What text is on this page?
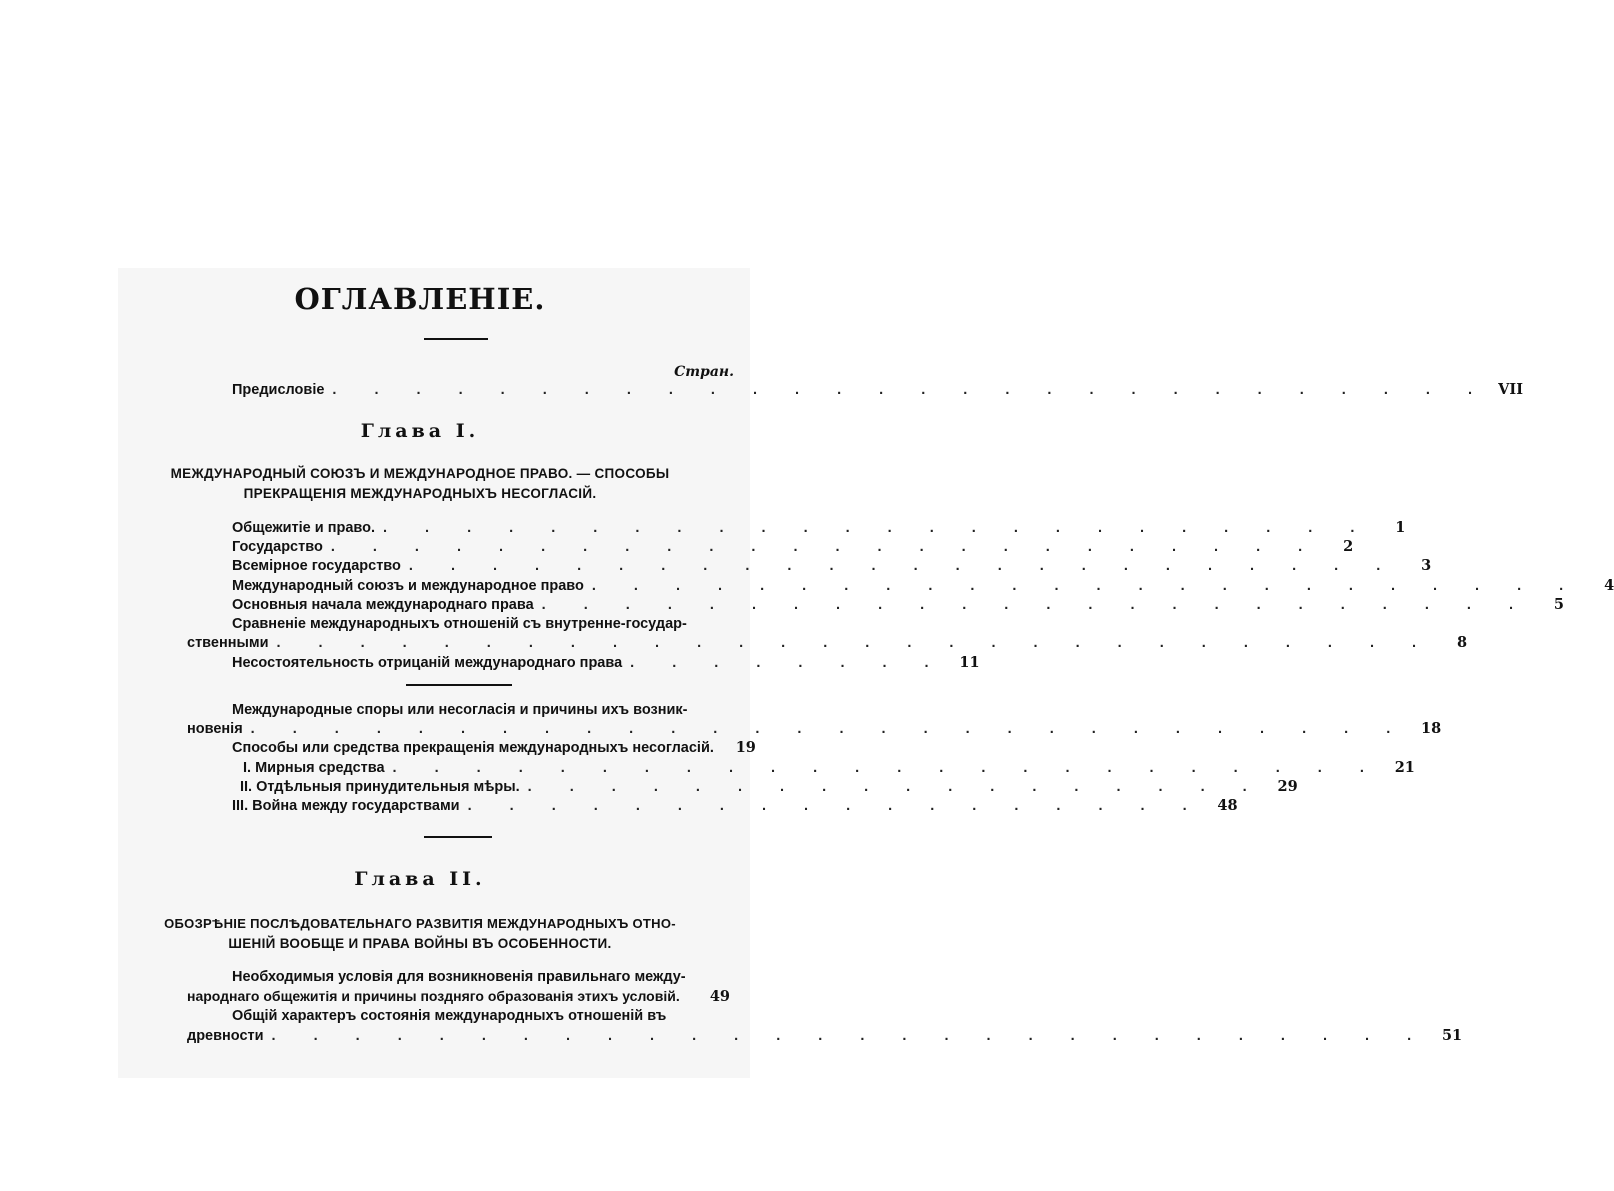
ОГЛАВЛЕНІЕ.
Стран.
Предисловіе . . . . . . . . . . . . . . . . . . . . . . . . . . . . VII
Глава I.
МЕЖДУНАРОДНЫЙ СОЮЗЪ И МЕЖДУНАРОДНОЕ ПРАВО. — СПОСОБЫ
ПРЕКРАЩЕНІЯ МЕЖДУНАРОДНЫХЪ НЕСОГЛАСІЙ.
Общежитіе и право. . . . . . . . . . . . . . . . . . . . . . . . .	1
Государство . . . . . . . . . . . . . . . . . . . . . . . .	2
Всемірное государство . . . . . . . . . . . . . . . . . . . . . . . .	3
Международный союзъ и международное право . . . . . . . . . . . . . . . . . . . . . . . .	4
Основныя начала международнаго права . . . . . . . . . . . . . . . . . . . . . . . .	5
Сравненіе международныхъ отношеній съ внутренне-государ-
ственными . . . . . . . . . . . . . . . . . . . . . . . . . . . .	8
Несостоятельность отрицаній международнаго права . . . . . . . . 11
Международные споры или несогласія и причины ихъ возник-
новенія . . . . . . . . . . . . . . . . . . . . . . . . . . . . 18
Способы или средства прекращенія международныхъ несогласій.	19
I. Мирныя средства . . . . . . . . . . . . . . . . . . . . . . . . 21
II. Отдѣльныя принудительныя мѣры. . . . . . . . . . . . . . . . . . . 29
III. Война между государствами . . . . . . . . . . . . . . . . . . 48
Глава II.
ОБОЗРѢНІЕ ПОСЛѢДОВАТЕЛЬНАГО РАЗВИТІЯ МЕЖДУНАРОДНЫХЪ ОТНО-
ШЕНІЙ ВООБЩЕ И ПРАВА ВОЙНЫ ВЪ ОСОБЕННОСТИ.
Необходимыя условія для возникновенія правильнаго между-
народнаго общежитія и причины поздняго образованія этихъ условій.	49
Общій характеръ состоянія международныхъ отношеній въ
древности . . . . . . . . . . . . . . . . . . . . . . . . . . . . 51
